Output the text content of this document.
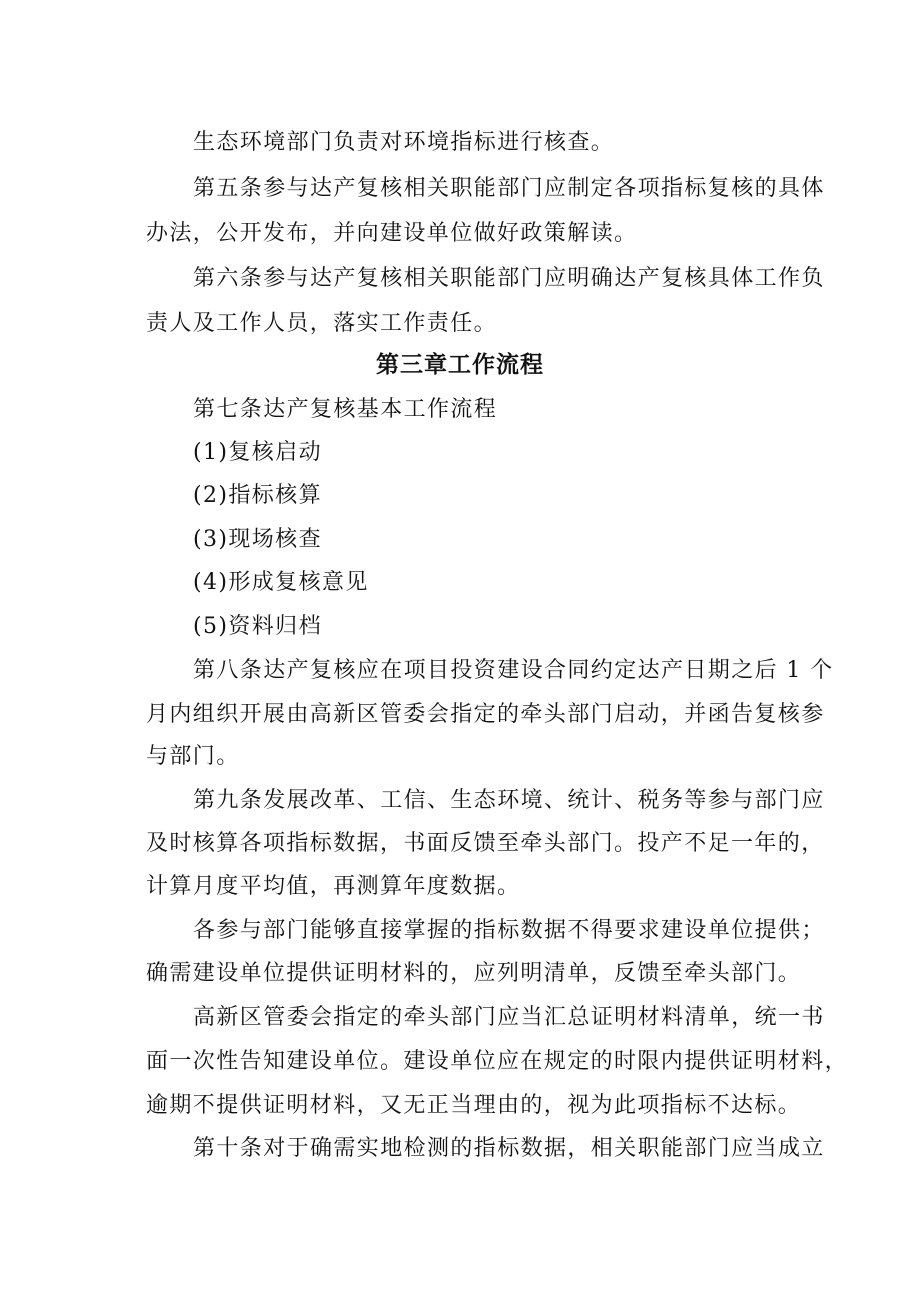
生态环境部门负责对环境指标进行核查。
第五条参与达产复核相关职能部门应制定各项指标复核的具体
办法，公开发布，并向建设单位做好政策解读。
第六条参与达产复核相关职能部门应明确达产复核具体工作负
责人及工作人员，落实工作责任。
第三章工作流程
第七条达产复核基本工作流程
(1)复核启动
(2)指标核算
(3)现场核查
(4)形成复核意见
(5)资料归档
第八条达产复核应在项目投资建设合同约定达产日期之后 1 个
月内组织开展由高新区管委会指定的牵头部门启动，并函告复核参
与部门。
第九条发展改革、工信、生态环境、统计、税务等参与部门应
及时核算各项指标数据，书面反馈至牵头部门。投产不足一年的，
计算月度平均值，再测算年度数据。
各参与部门能够直接掌握的指标数据不得要求建设单位提供；
确需建设单位提供证明材料的，应列明清单，反馈至牵头部门。
高新区管委会指定的牵头部门应当汇总证明材料清单，统一书
面一次性告知建设单位。建设单位应在规定的时限内提供证明材料，
逾期不提供证明材料，又无正当理由的，视为此项指标不达标。
第十条对于确需实地检测的指标数据，相关职能部门应当成立
